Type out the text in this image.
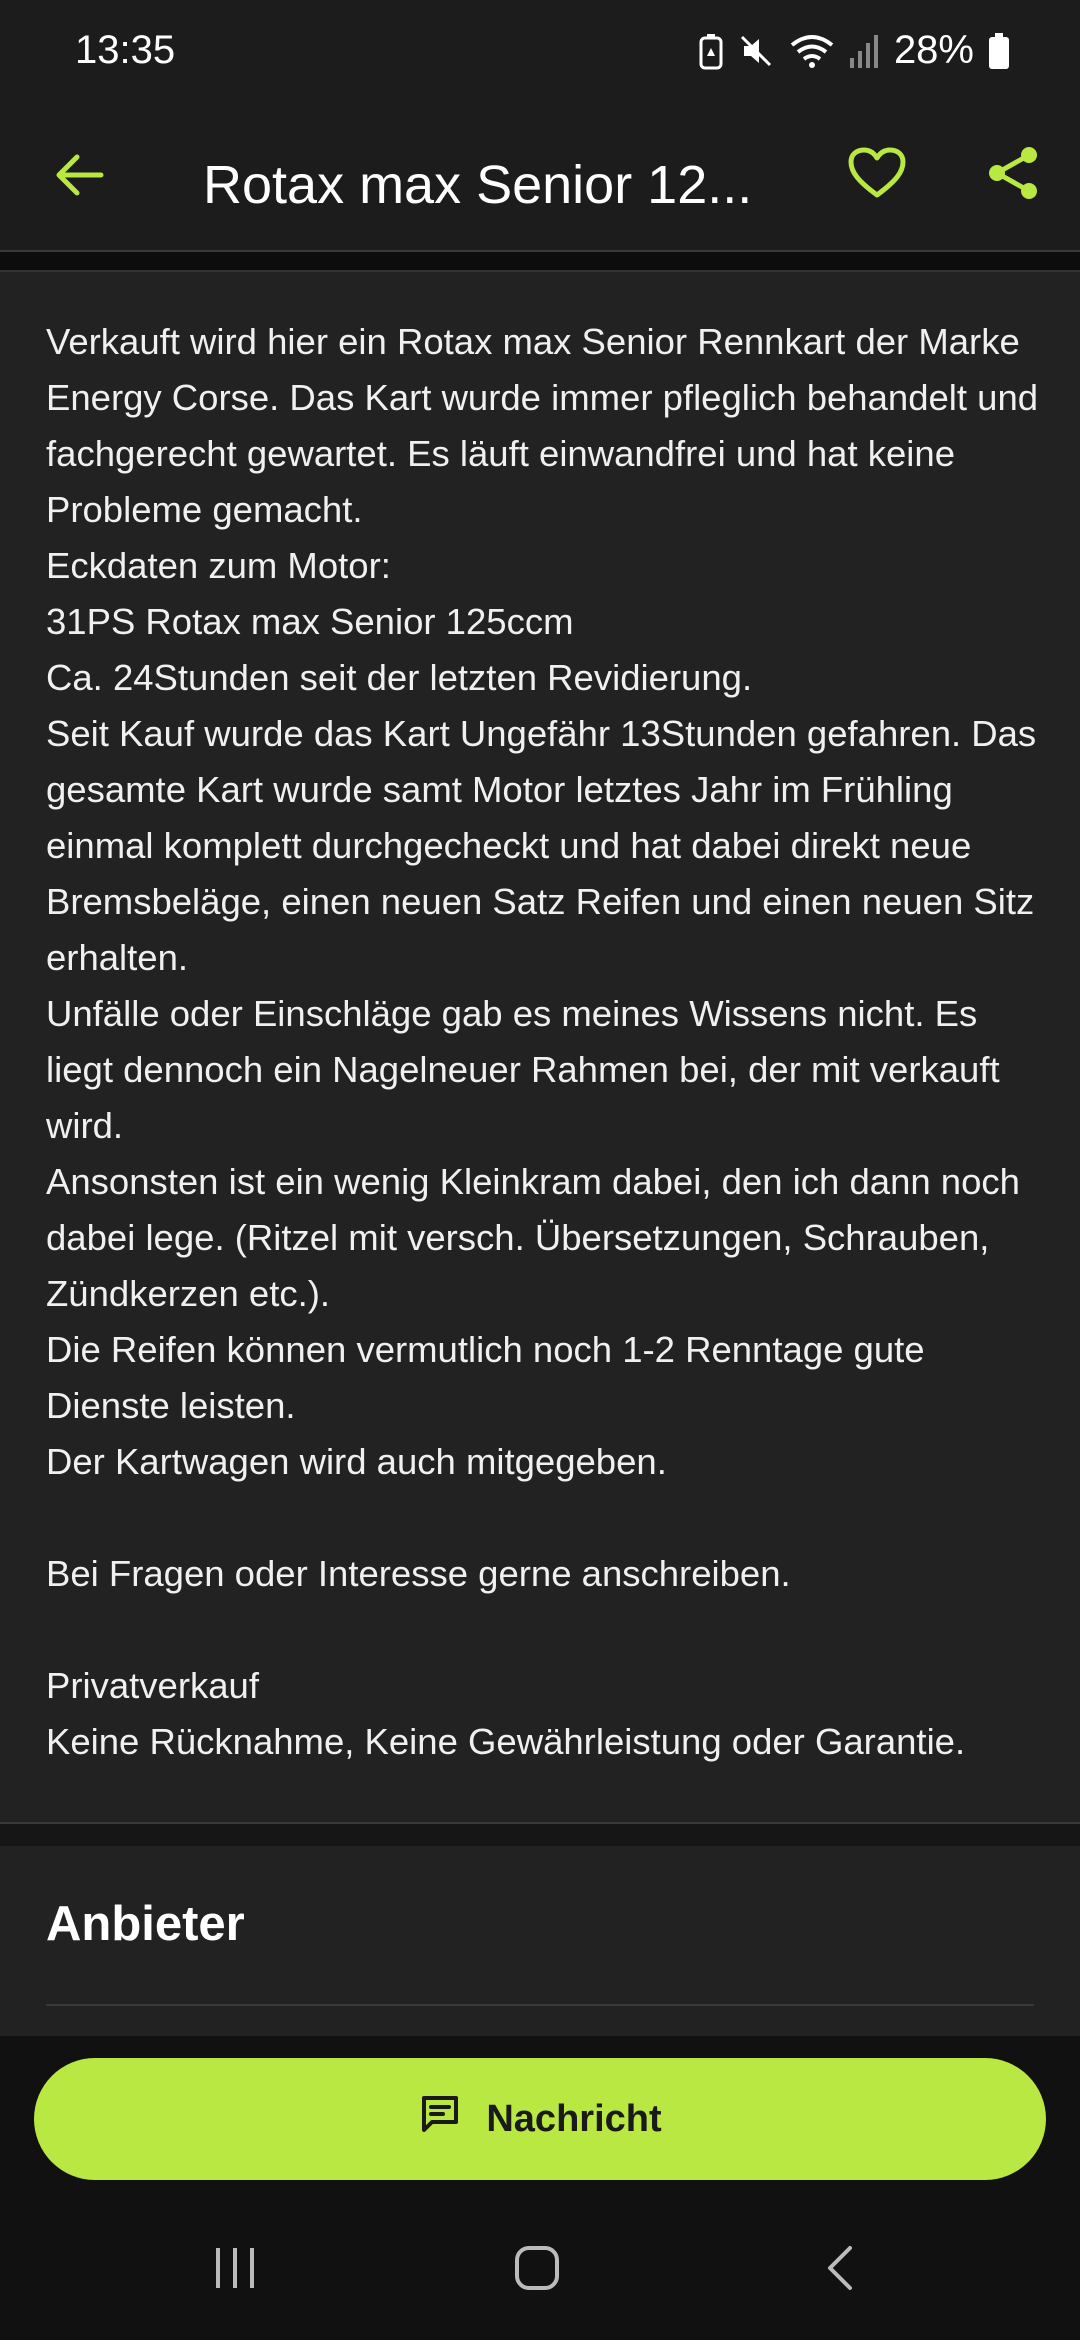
13:35	28%
Rotax max Senior 12...

Verkauft wird hier ein Rotax max Senior Rennkart der Marke Energy Corse. Das Kart wurde immer pfleglich behandelt und fachgerecht gewartet. Es läuft einwandfrei und hat keine Probleme gemacht.
Eckdaten zum Motor:
31PS Rotax max Senior 125ccm
Ca. 24Stunden seit der letzten Revidierung.
Seit Kauf wurde das Kart Ungefähr 13Stunden gefahren. Das gesamte Kart wurde samt Motor letztes Jahr im Frühling einmal komplett durchgecheckt und hat dabei direkt neue Bremsbeläge, einen neuen Satz Reifen und einen neuen Sitz erhalten.
Unfälle oder Einschläge gab es meines Wissens nicht. Es liegt dennoch ein Nagelneuer Rahmen bei, der mit verkauft wird.
Ansonsten ist ein wenig Kleinkram dabei, den ich dann noch dabei lege. (Ritzel mit versch. Übersetzungen, Schrauben, Zündkerzen etc.).
Die Reifen können vermutlich noch 1-2 Renntage gute Dienste leisten.
Der Kartwagen wird auch mitgegeben.

Bei Fragen oder Interesse gerne anschreiben.

Privatverkauf
Keine Rücknahme, Keine Gewährleistung oder Garantie.

Anbieter
Nachricht
